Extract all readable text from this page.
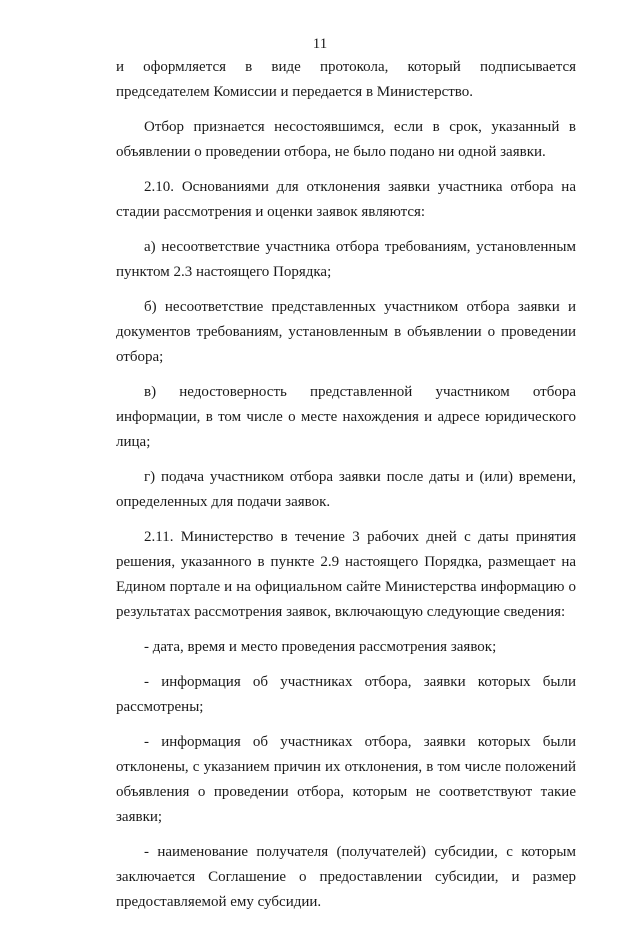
11

и оформляется в виде протокола, который подписывается председателем Комиссии и передается в Министерство.

Отбор признается несостоявшимся, если в срок, указанный в объявлении о проведении отбора, не было подано ни одной заявки.

2.10. Основаниями для отклонения заявки участника отбора на стадии рассмотрения и оценки заявок являются:

а) несоответствие участника отбора требованиям, установленным пунктом 2.3 настоящего Порядка;

б) несоответствие представленных участником отбора заявки и документов требованиям, установленным в объявлении о проведении отбора;

в) недостоверность представленной участником отбора информации, в том числе о месте нахождения и адресе юридического лица;

г) подача участником отбора заявки после даты и (или) времени, определенных для подачи заявок.

2.11. Министерство в течение 3 рабочих дней с даты принятия решения, указанного в пункте 2.9 настоящего Порядка, размещает на Едином портале и на официальном сайте Министерства информацию о результатах рассмотрения заявок, включающую следующие сведения:

- дата, время и место проведения рассмотрения заявок;

- информация об участниках отбора, заявки которых были рассмотрены;

- информация об участниках отбора, заявки которых были отклонены, с указанием причин их отклонения, в том числе положений объявления о проведении отбора, которым не соответствуют такие заявки;

- наименование получателя (получателей) субсидии, с которым заключается Соглашение о предоставлении субсидии, и размер предоставляемой ему субсидии.
